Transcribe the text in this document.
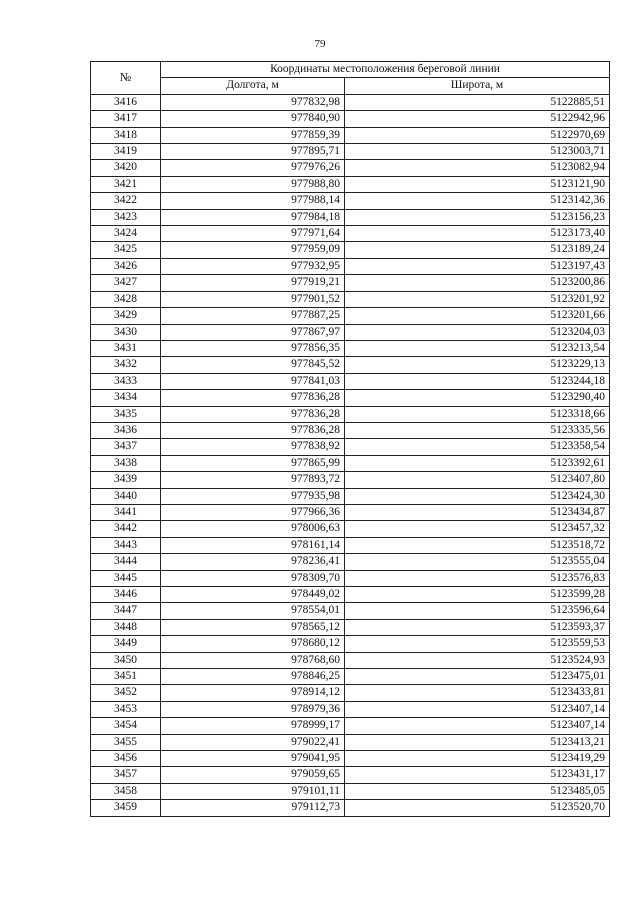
79
№	Координаты местоположения береговой линии	
	Долгота, м	Широта, м
3416	977832,98	5122885,51
3417	977840,90	5122942,96
3418	977859,39	5122970,69
3419	977895,71	5123003,71
3420	977976,26	5123082,94
3421	977988,80	5123121,90
3422	977988,14	5123142,36
3423	977984,18	5123156,23
3424	977971,64	5123173,40
3425	977959,09	5123189,24
3426	977932,95	5123197,43
3427	977919,21	5123200,86
3428	977901,52	5123201,92
3429	977887,25	5123201,66
3430	977867,97	5123204,03
3431	977856,35	5123213,54
3432	977845,52	5123229,13
3433	977841,03	5123244,18
3434	977836,28	5123290,40
3435	977836,28	5123318,66
3436	977836,28	5123335,56
3437	977838,92	5123358,54
3438	977865,99	5123392,61
3439	977893,72	5123407,80
3440	977935,98	5123424,30
3441	977966,36	5123434,87
3442	978006,63	5123457,32
3443	978161,14	5123518,72
3444	978236,41	5123555,04
3445	978309,70	5123576,83
3446	978449,02	5123599,28
3447	978554,01	5123596,64
3448	978565,12	5123593,37
3449	978680,12	5123559,53
3450	978768,60	5123524,93
3451	978846,25	5123475,01
3452	978914,12	5123433,81
3453	978979,36	5123407,14
3454	978999,17	5123407,14
3455	979022,41	5123413,21
3456	979041,95	5123419,29
3457	979059,65	5123431,17
3458	979101,11	5123485,05
3459	979112,73	5123520,70
